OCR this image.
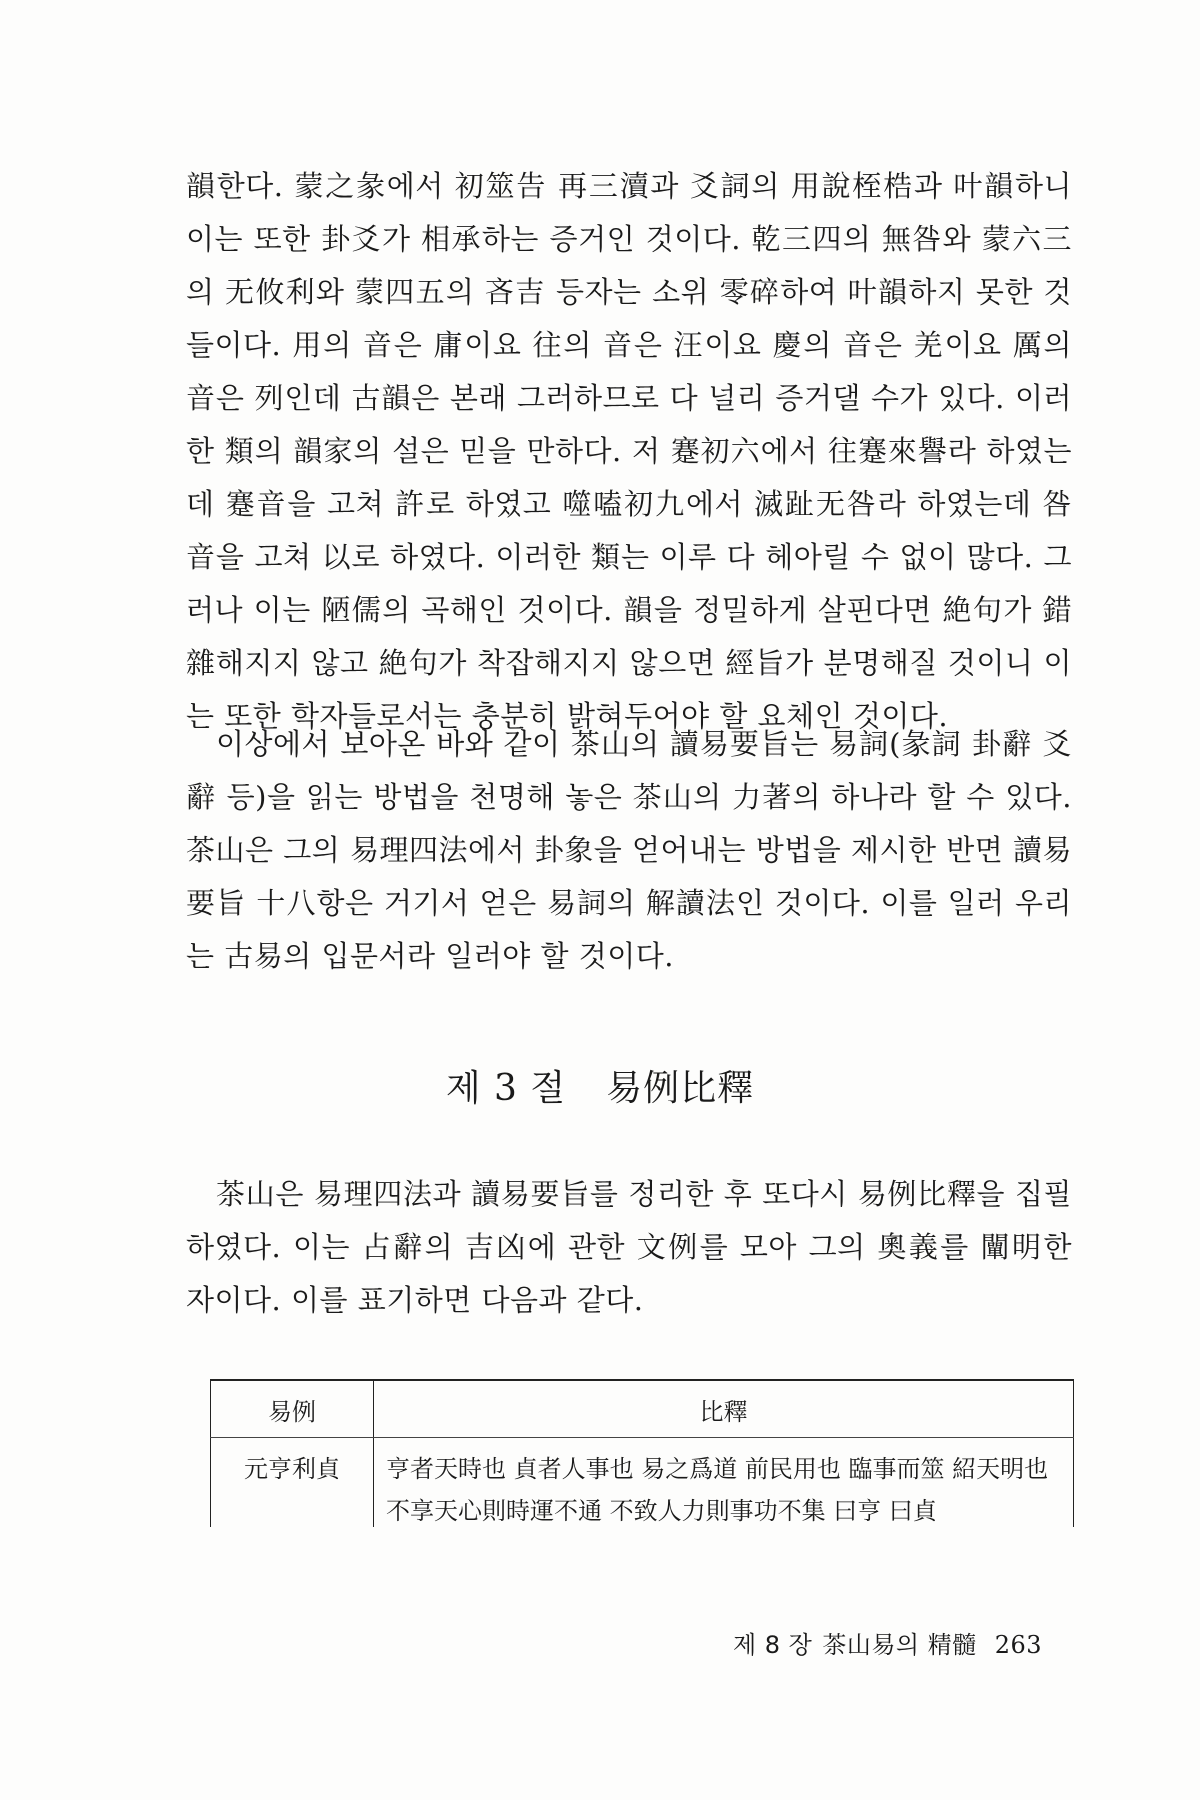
韻한다. 蒙之彖에서 初筮告 再三瀆과 爻詞의 用說桎梏과 叶韻하니 이는 또한 卦爻가 相承하는 증거인 것이다. 乾三四의 無咎와 蒙六三의 无攸利와 蒙四五의 吝吉 등자는 소위 零碎하여 叶韻하지 못한 것들이다. 用의 音은 庸이요 往의 音은 汪이요 慶의 音은 羌이요 厲의 音은 列인데 古韻은 본래 그러하므로 다 널리 증거댈 수가 있다. 이러한 類의 韻家의 설은 믿을 만하다. 저 蹇初六에서 往蹇來譽라 하였는데 蹇音을 고쳐 許로 하였고 噬嗑初九에서 滅趾无咎라 하였는데 咎音을 고쳐 以로 하였다. 이러한 類는 이루 다 헤아릴 수 없이 많다. 그러나 이는 陋儒의 곡해인 것이다. 韻을 정밀하게 살핀다면 絶句가 錯雜해지지 않고 絶句가 착잡해지지 않으면 經旨가 분명해질 것이니 이는 또한 학자들로서는 충분히 밝혀두어야 할 요체인 것이다.

이상에서 보아온 바와 같이 茶山의 讀易要旨는 易詞(彖詞 卦辭 爻辭 등)을 읽는 방법을 천명해 놓은 茶山의 力著의 하나라 할 수 있다. 茶山은 그의 易理四法에서 卦象을 얻어내는 방법을 제시한 반면 讀易要旨 十八항은 거기서 얻은 易詞의 解讀法인 것이다. 이를 일러 우리는 古易의 입문서라 일러야 할 것이다.

제 3 절 易例比釋

茶山은 易理四法과 讀易要旨를 정리한 후 또다시 易例比釋을 집필하였다. 이는 占辭의 吉凶에 관한 文例를 모아 그의 奧義를 闡明한 자이다. 이를 표기하면 다음과 같다.

易例	比釋
元亨利貞	亨者天時也 貞者人事也 易之爲道 前民用也 臨事而筮 紹天明也 不享天心則時運不通 不致人力則事功不集 曰亨 曰貞
제 8 장 茶山易의 精髓 263
